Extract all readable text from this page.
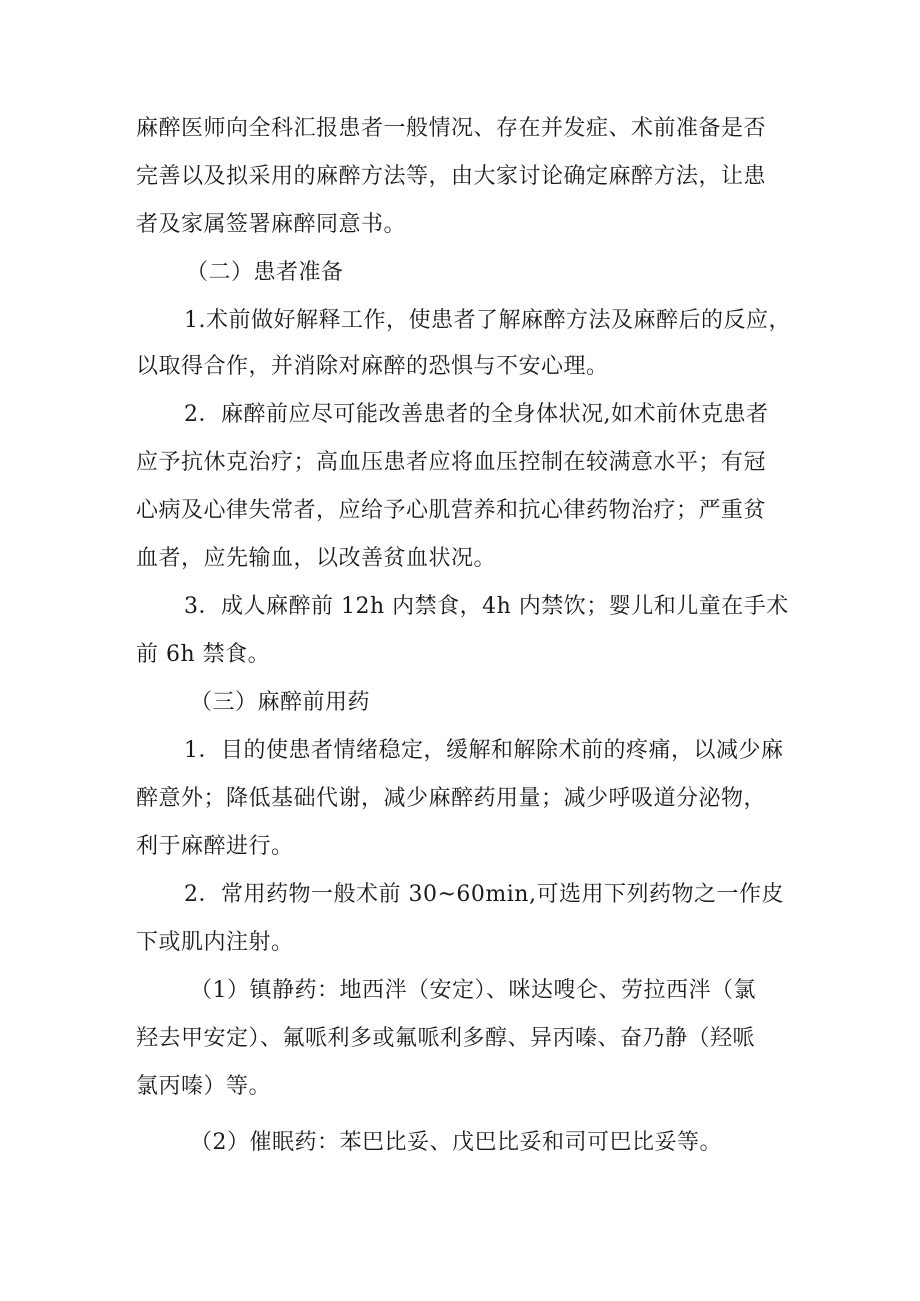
麻醉医师向全科汇报患者一般情况、存在并发症、术前准备是否
完善以及拟采用的麻醉方法等，由大家讨论确定麻醉方法，让患
者及家属签署麻醉同意书。
（二）患者准备
1.术前做好解释工作，使患者了解麻醉方法及麻醉后的反应，
以取得合作，并消除对麻醉的恐惧与不安心理。
2．麻醉前应尽可能改善患者的全身体状况,如术前休克患者
应予抗休克治疗；高血压患者应将血压控制在较满意水平；有冠
心病及心律失常者，应给予心肌营养和抗心律药物治疗；严重贫
血者，应先输血，以改善贫血状况。
3．成人麻醉前 12h 内禁食，4h 内禁饮；婴儿和儿童在手术
前 6h 禁食。
（三）麻醉前用药
1．目的使患者情绪稳定，缓解和解除术前的疼痛，以减少麻
醉意外；降低基础代谢，减少麻醉药用量；减少呼吸道分泌物，
利于麻醉进行。
2．常用药物一般术前 30~60min,可选用下列药物之一作皮
下或肌内注射。
（1）镇静药：地西泮（安定）、咪达嗖仑、劳拉西泮（氯
羟去甲安定）、氟哌利多或氟哌利多醇、异丙嗪、奋乃静（羟哌
氯丙嗪）等。
（2）催眠药：苯巴比妥、戊巴比妥和司可巴比妥等。
